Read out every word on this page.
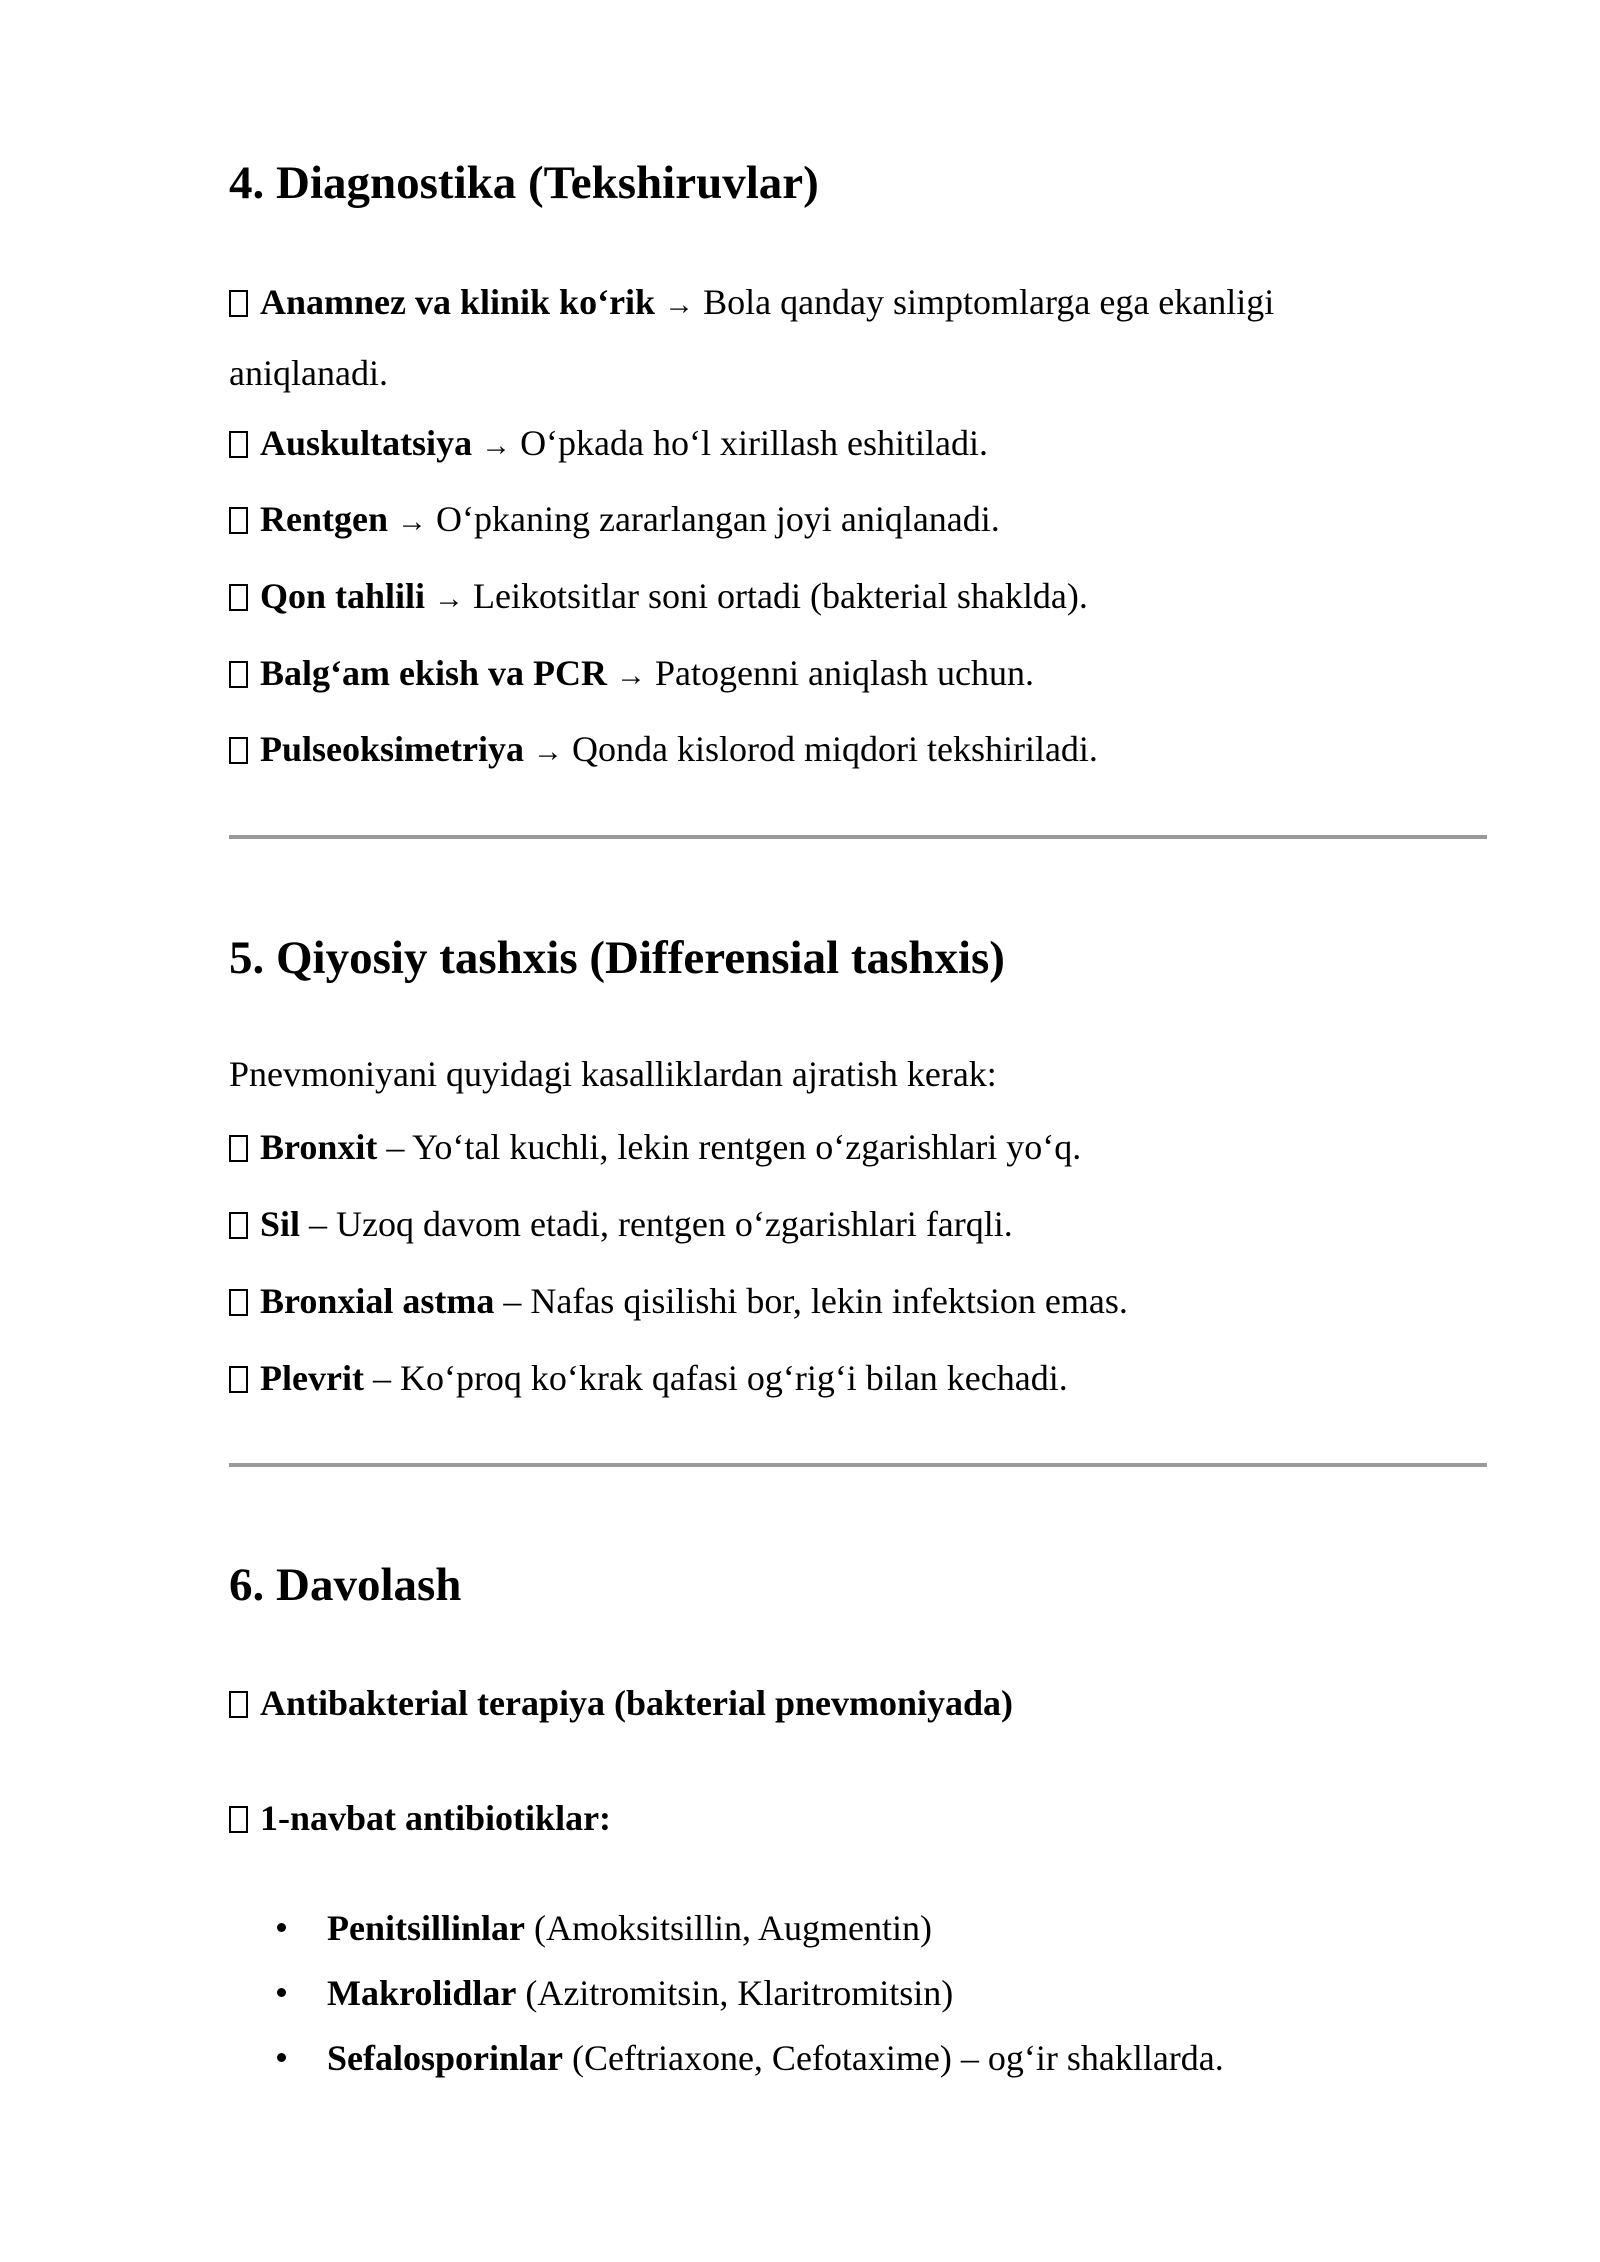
4. Diagnostika (Tekshiruvlar)
Anamnez va klinik ko‘rik → Bola qanday simptomlarga ega ekanligi aniqlanadi.
Auskultatsiya → O‘pkada ho‘l xirillash eshitiladi.
Rentgen → O‘pkaning zararlangan joyi aniqlanadi.
Qon tahlili → Leikotsitlar soni ortadi (bakterial shaklda).
Balg‘am ekish va PCR → Patogenni aniqlash uchun.
Pulseoksimetriya → Qonda kislorod miqdori tekshiriladi.
5. Qiyosiy tashxis (Differensial tashxis)
Pnevmoniyani quyidagi kasalliklardan ajratish kerak:
Bronxit – Yo‘tal kuchli, lekin rentgen o‘zgarishlari yo‘q.
Sil – Uzoq davom etadi, rentgen o‘zgarishlari farqli.
Bronxial astma – Nafas qisilishi bor, lekin infektsion emas.
Plevrit – Ko‘proq ko‘krak qafasi og‘rig‘i bilan kechadi.
6. Davolash
Antibakterial terapiya (bakterial pnevmoniyada)
1-navbat antibiotiklar:
Penitsillinlar (Amoksitsillin, Augmentin)
Makrolidlar (Azitromitsin, Klaritromitsin)
Sefalosporinlar (Ceftriaxone, Cefotaxime) – og‘ir shakllarda.
